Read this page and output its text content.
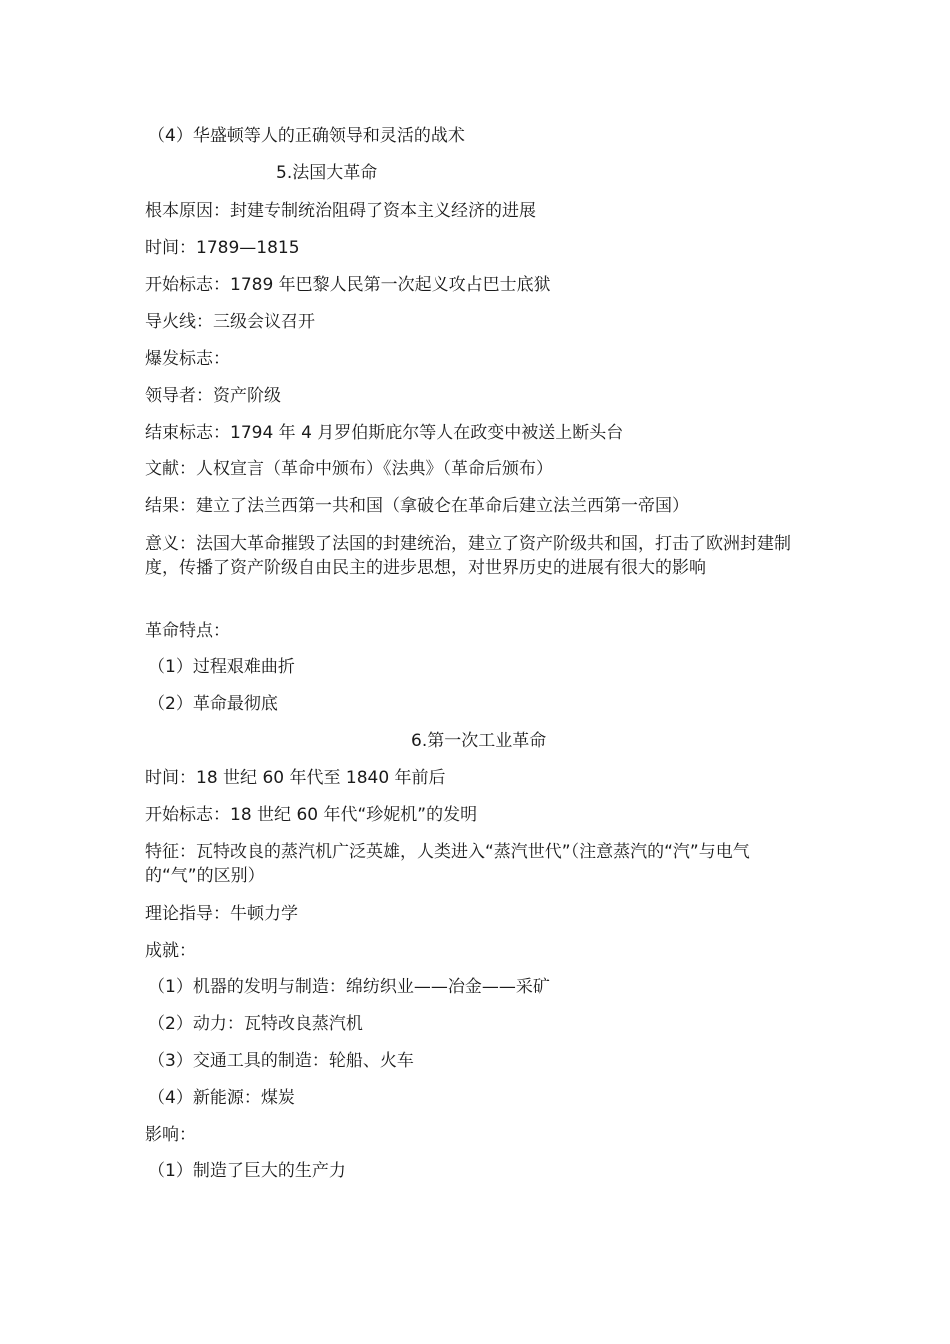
（4）华盛顿等人的正确领导和灵活的战术
5.法国大革命
根本原因：封建专制统治阻碍了资本主义经济的进展
时间：1789—1815
开始标志：1789 年巴黎人民第一次起义攻占巴士底狱
导火线：三级会议召开
爆发标志：
领导者：资产阶级
结束标志：1794 年 4 月罗伯斯庇尔等人在政变中被送上断头台
文献：人权宣言（革命中颁布）《法典》（革命后颁布）
结果：建立了法兰西第一共和国（拿破仑在革命后建立法兰西第一帝国）
意义：法国大革命摧毁了法国的封建统治，建立了资产阶级共和国，打击了欧洲封建制度，传播了资产阶级自由民主的进步思想，对世界历史的进展有很大的影响
革命特点：
（1）过程艰难曲折
（2）革命最彻底
6.第一次工业革命
时间：18 世纪 60 年代至 1840 年前后
开始标志：18 世纪 60 年代“珍妮机”的发明
特征：瓦特改良的蒸汽机广泛英雄，人类进入“蒸汽世代”（注意蒸汽的“汽”与电气的“气”的区别）
理论指导：牛顿力学
成就：
（1）机器的发明与制造：绵纺织业——冶金——采矿
（2）动力：瓦特改良蒸汽机
（3）交通工具的制造：轮船、火车
（4）新能源：煤炭
影响：
（1）制造了巨大的生产力
